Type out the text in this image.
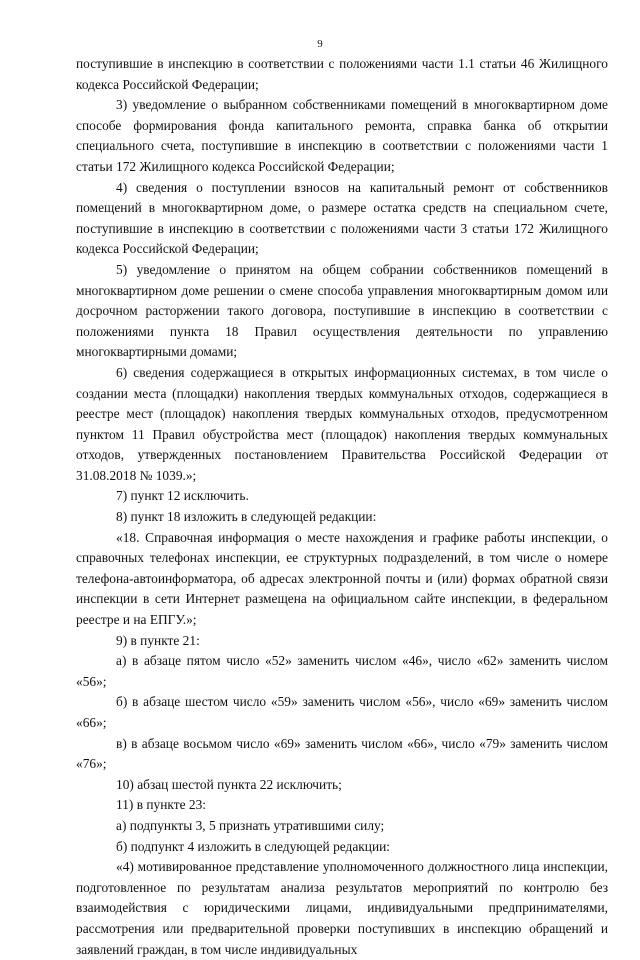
9

поступившие в инспекцию в соответствии с положениями части 1.1 статьи 46 Жилищного кодекса Российской Федерации;

3) уведомление о выбранном собственниками помещений в многоквартирном доме способе формирования фонда капитального ремонта, справка банка об открытии специального счета, поступившие в инспекцию в соответствии с положениями части 1 статьи 172 Жилищного кодекса Российской Федерации;

4) сведения о поступлении взносов на капитальный ремонт от собственников помещений в многоквартирном доме, о размере остатка средств на специальном счете, поступившие в инспекцию в соответствии с положениями части 3 статьи 172 Жилищного кодекса Российской Федерации;

5) уведомление о принятом на общем собрании собственников помещений в многоквартирном доме решении о смене способа управления многоквартирным домом или досрочном расторжении такого договора, поступившие в инспекцию в соответствии с положениями пункта 18 Правил осуществления деятельности по управлению многоквартирными домами;

6) сведения содержащиеся в открытых информационных системах, в том числе о создании места (площадки) накопления твердых коммунальных отходов, содержащиеся в реестре мест (площадок) накопления твердых коммунальных отходов, предусмотренном пунктом 11 Правил обустройства мест (площадок) накопления твердых коммунальных отходов, утвержденных постановлением Правительства Российской Федерации от 31.08.2018 № 1039.»;

7) пункт 12 исключить.

8) пункт 18 изложить в следующей редакции:

«18. Справочная информация о месте нахождения и графике работы инспекции, о справочных телефонах инспекции, ее структурных подразделений, в том числе о номере телефона-автоинформатора, об адресах электронной почты и (или) формах обратной связи инспекции в сети Интернет размещена на официальном сайте инспекции, в федеральном реестре и на ЕПГУ.»;

9) в пункте 21:

а) в абзаце пятом число «52» заменить числом «46», число «62» заменить числом «56»;

б) в абзаце шестом число «59» заменить числом «56», число «69» заменить числом «66»;

в) в абзаце восьмом число «69» заменить числом «66», число «79» заменить числом «76»;

10) абзац шестой пункта 22 исключить;

11) в пункте 23:

а) подпункты 3, 5 признать утратившими силу;

б) подпункт 4 изложить в следующей редакции:

«4) мотивированное представление уполномоченного должностного лица инспекции, подготовленное по результатам анализа результатов мероприятий по контролю без взаимодействия с юридическими лицами, индивидуальными предпринимателями, рассмотрения или предварительной проверки поступивших в инспекцию обращений и заявлений граждан, в том числе индивидуальных
